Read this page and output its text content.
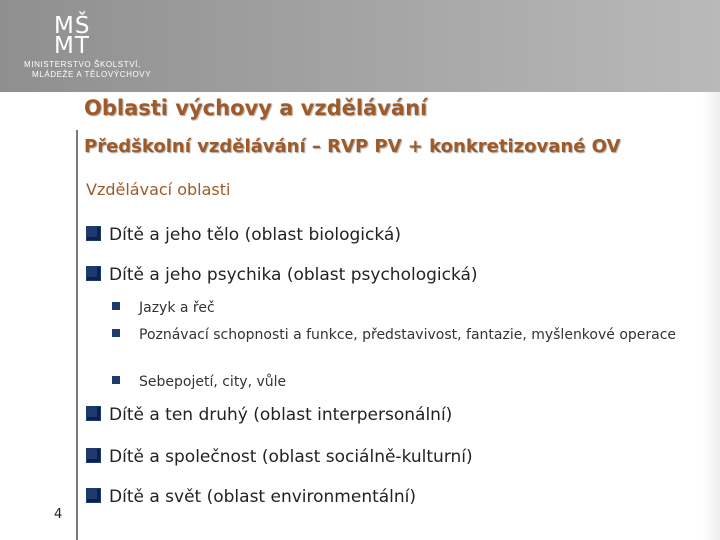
MŠ
MT
MINISTERSTVO ŠKOLSTVÍ,
MLÁDEŽE A TĚLOVÝCHOVY
Oblasti výchovy a vzdělávání
Předškolní vzdělávání – RVP PV + konkretizované OV
Vzdělávací oblasti
Dítě a jeho tělo (oblast biologická)
Dítě a jeho psychika (oblast psychologická)
Jazyk a řeč
Poznávací schopnosti a funkce, představivost, fantazie, myšlenkové operace
Sebepojetí, city, vůle
Dítě a ten druhý (oblast interpersonální)
Dítě a společnost (oblast sociálně-kulturní)
Dítě a svět (oblast environmentální)
4
